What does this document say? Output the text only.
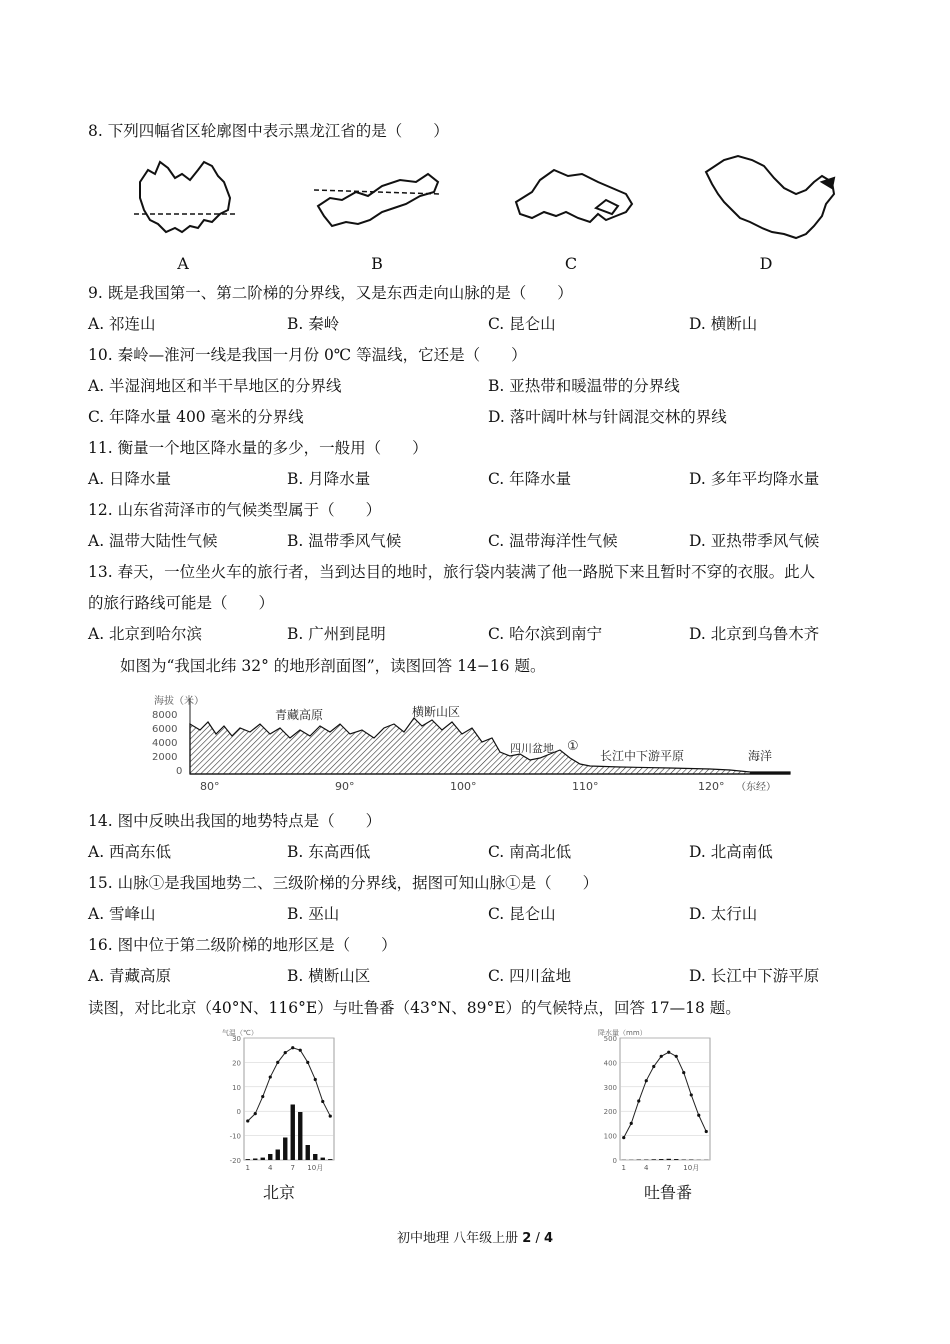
8. 下列四幅省区轮廓图中表示黑龙江省的是（　　）
A	B	C	D
9. 既是我国第一、第二阶梯的分界线，又是东西走向山脉的是（　　）
A. 祁连山	B. 秦岭	C. 昆仑山	D. 横断山
10. 秦岭—淮河一线是我国一月份 0℃ 等温线，它还是（　　）
A. 半湿润地区和半干旱地区的分界线	B. 亚热带和暖温带的分界线
C. 年降水量 400 毫米的分界线	D. 落叶阔叶林与针阔混交林的界线
11. 衡量一个地区降水量的多少，一般用（　　）
A. 日降水量	B. 月降水量	C. 年降水量	D. 多年平均降水量
12. 山东省菏泽市的气候类型属于（　　）
A. 温带大陆性气候	B. 温带季风气候	C. 温带海洋性气候	D. 亚热带季风气候
13. 春天，一位坐火车的旅行者，当到达目的地时，旅行袋内装满了他一路脱下来且暂时不穿的衣服。此人
的旅行路线可能是（　　）
A. 北京到哈尔滨	B. 广州到昆明	C. 哈尔滨到南宁	D. 北京到乌鲁木齐
如图为“我国北纬 32° 的地形剖面图”，读图回答 14−16 题。
海拔（米）
8000
6000
4000
2000
0
青藏高原	横断山区
四川盆地 ①
长江中下游平原	海洋
80°	90°	100°	110°	120° （东经）
14. 图中反映出我国的地势特点是（　　）
A. 西高东低	B. 东高西低	C. 南高北低	D. 北高南低
15. 山脉①是我国地势二、三级阶梯的分界线，据图可知山脉①是（　　）
A. 雪峰山	B. 巫山	C. 昆仑山	D. 太行山
16. 图中位于第二级阶梯的地形区是（　　）
A. 青藏高原	B. 横断山区	C. 四川盆地	D. 长江中下游平原
读图，对比北京（40°N、116°E）与吐鲁番（43°N、89°E）的气候特点，回答 17—18 题。
气温（℃）
30
20
10
0
-10
-20
1	4	7 10月
降水量（mm）
500
400
300
200
100
0
1	4	7 10月
北京	吐鲁番
初中地理 八年级上册 2 / 4
